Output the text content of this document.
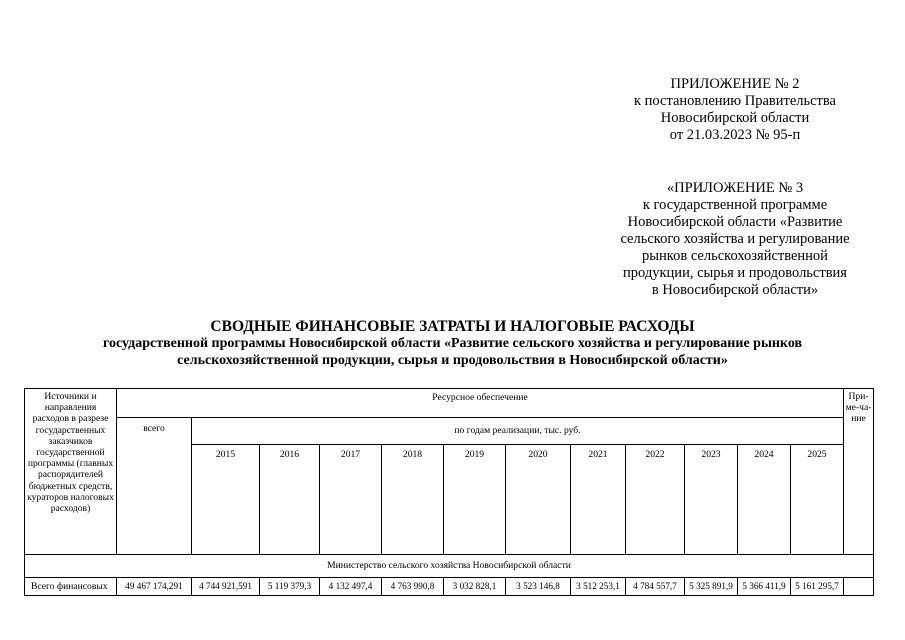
ПРИЛОЖЕНИЕ № 2
к постановлению Правительства
Новосибирской области
от 21.03.2023 № 95-п
«ПРИЛОЖЕНИЕ № 3
к государственной программе
Новосибирской области «Развитие
сельского хозяйства и регулирование
рынков сельскохозяйственной
продукции, сырья и продовольствия
в Новосибирской области»
СВОДНЫЕ ФИНАНСОВЫЕ ЗАТРАТЫ И НАЛОГОВЫЕ РАСХОДЫ
государственной программы Новосибирской области «Развитие сельского хозяйства и регулирование рынков
сельскохозяйственной продукции, сырья и продовольствия в Новосибирской области»
Источники и направления расходов в разрезе государственных заказчиков государственной программы (главных распорядителей бюджетных средств, кураторов налоговых расходов)	Ресурсное обеспечение												При-ме-ча-ние
	всего	по годам реализации, тыс. руб.											
		2015	2016	2017	2018	2019	2020	2021	2022	2023	2024	2025	
Министерство сельского хозяйства Новосибирской области													
Всего финансовых	49 467 174,291	4 744 921,591	5 119 379,3	4 132 497,4	4 763 990,8	3 032 828,1	3 523 146,8	3 512 253,1	4 784 557,7	5 325 891,9	5 366 411,9	5 161 295,7	
